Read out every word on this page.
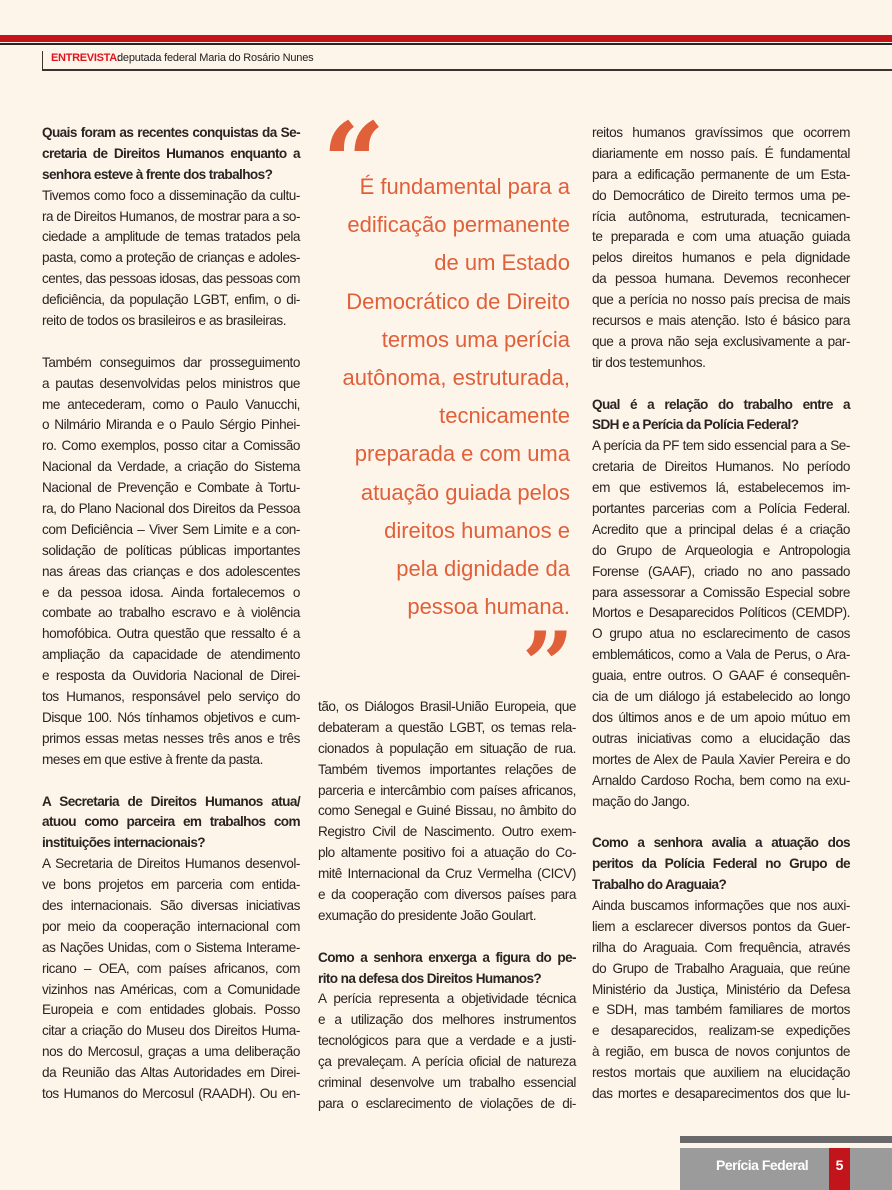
ENTREVISTA:
deputada federal Maria do Rosário Nunes
Quais foram as recentes conquistas da Se-
cretaria de Direitos Humanos enquanto a
senhora esteve à frente dos trabalhos?
Tivemos como foco a disseminação da cultu-
ra de Direitos Humanos, de mostrar para a so-
ciedade a amplitude de temas tratados pela
pasta, como a proteção de crianças e adoles-
centes, das pessoas idosas, das pessoas com
deficiência, da população LGBT, enfim, o di-
reito de todos os brasileiros e as brasileiras.
Também conseguimos dar prosseguimento
a pautas desenvolvidas pelos ministros que
me antecederam, como o Paulo Vanucchi,
o Nilmário Miranda e o Paulo Sérgio Pinhei-
ro. Como exemplos, posso citar a Comissão
Nacional da Verdade, a criação do Sistema
Nacional de Prevenção e Combate à Tortu-
ra, do Plano Nacional dos Direitos da Pessoa
com Deficiência – Viver Sem Limite e a con-
solidação de políticas públicas importantes
nas áreas das crianças e dos adolescentes
e da pessoa idosa. Ainda fortalecemos o
combate ao trabalho escravo e à violência
homofóbica. Outra questão que ressalto é a
ampliação da capacidade de atendimento
e resposta da Ouvidoria Nacional de Direi-
tos Humanos, responsável pelo serviço do
Disque 100. Nós tínhamos objetivos e cum-
primos essas metas nesses três anos e três
meses em que estive à frente da pasta.
A Secretaria de Direitos Humanos atua/
atuou como parceira em trabalhos com
instituições internacionais?
A Secretaria de Direitos Humanos desenvol-
ve bons projetos em parceria com entida-
des internacionais. São diversas iniciativas
por meio da cooperação internacional com
as Nações Unidas, com o Sistema Interame-
ricano – OEA, com países africanos, com
vizinhos nas Américas, com a Comunidade
Europeia e com entidades globais. Posso
citar a criação do Museu dos Direitos Huma-
nos do Mercosul, graças a uma deliberação
da Reunião das Altas Autoridades em Direi-
tos Humanos do Mercosul (RAADH). Ou en-
tão, os Diálogos Brasil-União Europeia, que
debateram a questão LGBT, os temas rela-
cionados à população em situação de rua.
Também tivemos importantes relações de
parceria e intercâmbio com países africanos,
como Senegal e Guiné Bissau, no âmbito do
Registro Civil de Nascimento. Outro exem-
plo altamente positivo foi a atuação do Co-
mitê Internacional da Cruz Vermelha (CICV)
e da cooperação com diversos países para
exumação do presidente João Goulart.
Como a senhora enxerga a figura do pe-
rito na defesa dos Direitos Humanos?
A perícia representa a objetividade técnica
e a utilização dos melhores instrumentos
tecnológicos para que a verdade e a justi-
ça prevaleçam. A perícia oficial de natureza
criminal desenvolve um trabalho essencial
para o esclarecimento de violações de di-
reitos humanos gravíssimos que ocorrem
diariamente em nosso país. É fundamental
para a edificação permanente de um Esta-
do Democrático de Direito termos uma pe-
rícia autônoma, estruturada, tecnicamen-
te preparada e com uma atuação guiada
pelos direitos humanos e pela dignidade
da pessoa humana. Devemos reconhecer
que a perícia no nosso país precisa de mais
recursos e mais atenção. Isto é básico para
que a prova não seja exclusivamente a par-
tir dos testemunhos.
Qual é a relação do trabalho entre a
SDH e a Perícia da Polícia Federal?
A perícia da PF tem sido essencial para a Se-
cretaria de Direitos Humanos. No período
em que estivemos lá, estabelecemos im-
portantes parcerias com a Polícia Federal.
Acredito que a principal delas é a criação
do Grupo de Arqueologia e Antropologia
Forense (GAAF), criado no ano passado
para assessorar a Comissão Especial sobre
Mortos e Desaparecidos Políticos (CEMDP).
O grupo atua no esclarecimento de casos
emblemáticos, como a Vala de Perus, o Ara-
guaia, entre outros. O GAAF é consequên-
cia de um diálogo já estabelecido ao longo
dos últimos anos e de um apoio mútuo em
outras iniciativas como a elucidação das
mortes de Alex de Paula Xavier Pereira e do
Arnaldo Cardoso Rocha, bem como na exu-
mação do Jango.
Como a senhora avalia a atuação dos
peritos da Polícia Federal no Grupo de
Trabalho do Araguaia?
Ainda buscamos informações que nos auxi-
liem a esclarecer diversos pontos da Guer-
rilha do Araguaia. Com frequência, através
do Grupo de Trabalho Araguaia, que reúne
Ministério da Justiça, Ministério da Defesa
e SDH, mas também familiares de mortos
e desaparecidos, realizam-se expedições
à região, em busca de novos conjuntos de
restos mortais que auxiliem na elucidação
das mortes e desaparecimentos dos que lu-
“
É fundamental para a
edificação permanente
de um Estado
Democrático de Direito
termos uma perícia
autônoma, estruturada,
tecnicamente
preparada e com uma
atuação guiada pelos
direitos humanos e
pela dignidade da
pessoa humana.
”
Perícia Federal	5
